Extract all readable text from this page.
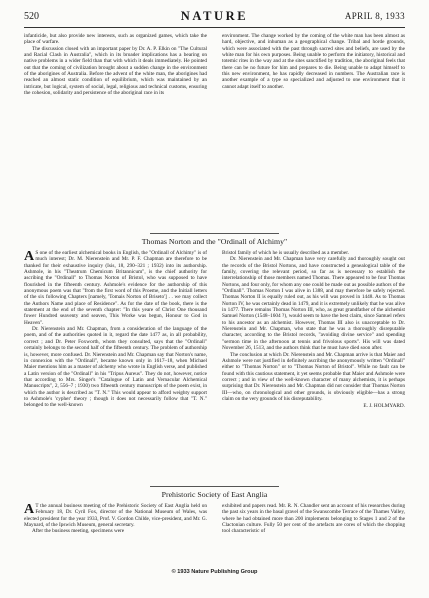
520	NATURE	APRIL 8, 1933

infanticide, but also provide new interests, such as organized games, which take the place of warfare.

The discussion closed with an important paper by Dr. A. P. Elkin on "The Cultural and Racial Clash in Australia", which in its broader implications has a bearing on native problems in a wider field than that with which it deals immediately. He pointed out that the coming of civilization brought about a sudden change in the environment of the aborigines of Australia. Before the advent of the white man, the aborigines had reached an almost static condition of equilibrium, which was maintained by an intricate, but logical, system of social, legal, religious and technical customs, ensuring the cohesion, solidarity and persistence of the aboriginal race in its

environment. The change worked by the coming of the white man has been almost as hard, objective, and inhuman as a geographical change. Tribal and horde grounds, which were associated with the past through sacred sites and beliefs, are used by the white man for his own purposes. Being unable to perform the initiatory, historical and totemic rites in the way and at the sites sanctified by tradition, the aboriginal feels that there can be no future for him and prepares to die. Being unable to adapt himself to this new environment, he has rapidly decreased in numbers. The Australian race is another example of a type so specialized and adjusted to one environment that it cannot adapt itself to another.

Thomas Norton and the "Ordinall of Alchimy"

A S one of the earliest alchemical books in English, the "Ordinall of Alchimy" is of much interest; Dr. M. Nierenstein and Mr. P. F. Chapman are therefore to be thanked for their exhaustive inquiry (Isis, 18, 290–321 ; 1932) into its authorship. Ashmole, in his "Theatrum Chemicum Britannicum", is the chief authority for ascribing the "Ordinall" to Thomas Norton of Bristol, who was supposed to have flourished in the fifteenth century. Ashmole's evidence for the authorship of this anonymous poem was that "from the first word of this Proeme, and the Initiall letters of the six following Chapters [namely, 'Tomais Norton of Briseto'] . . we may collect the Authors Name and place of Residence". As for the date of the book, there is the statement at the end of the seventh chapter: "In this yeare of Christ One thousand fower Hundred seaventy and seaven, This Worke was begun, Honour to God in Heaven".

Dr. Nierenstein and Mr. Chapman, from a consideration of the language of the poem, and of the authorities quoted in it, regard the date 1477 as, in all probability, correct ; and Dr. Peter Foxworth, whom they consulted, says that the "Ordinall" certainly belongs to the second half of the fifteenth century. The problem of authorship is, however, more confused. Dr. Nierenstein and Mr. Chapman say that Norton's name, in connexion with the "Ordinall", became known only in 1617–18, when Michael Maier mentions him as a master of alchemy who wrote in English verse, and published a Latin version of the "Ordinall" in his "Tripus Aureus". They do not, however, notice that according to Mrs. Singer's "Catalogue of Latin and Vernacular Alchemical Manuscripts", 2, 556–7 ; 1930) two fifteenth century manuscripts of the poem exist, in which the author is described as "T. N." This would appear to afford weighty support to Ashmole's 'cypher' theory ; though it does not necessarily follow that "T. N." belonged to the well-known

Bristol family of which he is usually described as a member.

Dr. Nierenstein and Mr. Chapman have very carefully and thoroughly sought out the records of the Bristol Nortons, and have constructed a genealogical table of the family, covering the relevant period, so far as is necessary to establish the interrelationship of those members named Thomas. There appeared to be four Thomas Nortons, and four only, for whom any one could be made out as possible authors of the "Ordinall". Thomas Norton I was alive in 1388, and may therefore be safely rejected. Thomas Norton II is equally ruled out, as his will was proved in 1448. As to Thomas Norton IV, he was certainly dead in 1479, and it is extremely unlikely that he was alive in 1477. There remains Thomas Norton III, who, as great grandfather of the alchemist Samuel Norton (1548–1604 ?), would seem to have the best claim, since Samuel refers to his ancestor as an alchemist. However, Thomas III also is unacceptable to Dr. Nierenstein and Mr. Chapman, who state that he was a thoroughly disreputable character, according to the Bristol records, "avoiding divine service" and spending "sermon time in the afternoon at tennis and frivolous sports". His will was dated November 26, 1513, and the authors think that he must have died soon after.

The conclusion at which Dr. Nierenstein and Mr. Chapman arrive is that Maier and Ashmole were not justified in definitely ascribing the anonymously written "Ordinall" either to "Thomas Norton" or to "Thomas Norton of Bristol". While no fault can be found with this cautious statement, it yet seems probable that Maier and Ashmole were correct ; and in view of the well-known character of many alchemists, it is perhaps surprising that Dr. Nierenstein and Mr. Chapman did not consider that Thomas Norton III—who, on chronological and other grounds, is obviously eligible—has a strong claim on the very grounds of his disreputability.

E. J. HOLMYARD.
Prehistoric Society of East Anglia

A T the annual business meeting of the Prehistoric Society of East Anglia held on February 18, Dr. Cyril Fox, director of the National Museum of Wales, was elected president for the year 1933, Prof. V. Gordon Childe, vice-president, and Mr. G. Maynard, of the Ipswich Museum, general secretary.

After the business meeting, specimens were

exhibited and papers read. Mr. R. N. Chandler sent an account of his researches during the past six years in the basal gravel of the Swanscombe Terrace of the Thames Valley, where he had obtained more than 200 implements belonging to Stages 1 and 2 of the Clactonian culture. Fully 50 per cent of the artefacts are cores of which the chopping tool characteristic of

© 1933 Nature Publishing Group
